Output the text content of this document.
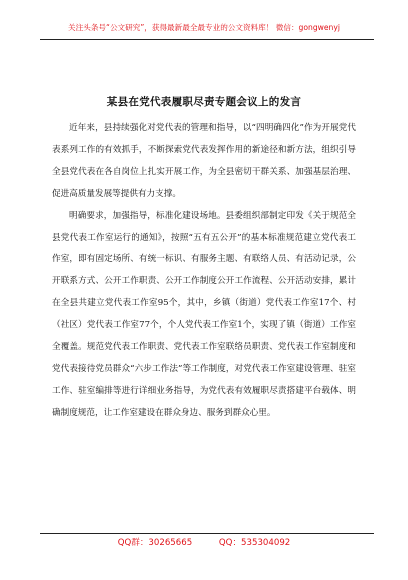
关注头条号“公文研究”，获得最新最全最专业的公文资料库！ 微信：gongwenyj
某县在党代表履职尽责专题会议上的发言

近年来，县持续强化对党代表的管理和指导，以“四明确四化”作为开展党代表系列工作的有效抓手，不断探索党代表发挥作用的新途径和新方法，组织引导全县党代表在各自岗位上扎实开展工作，为全县密切干群关系、加强基层治理、促进高质量发展等提供有力支撑。

明确要求，加强指导，标准化建设场地。县委组织部制定印发《关于规范全县党代表工作室运行的通知》，按照“五有五公开”的基本标准规范建立党代表工作室，即有固定场所、有统一标识、有服务主题、有联络人员、有活动记录，公开联系方式、公开工作职责、公开工作制度公开工作流程、公开活动安排，累计在全县共建立党代表工作室95个，其中，乡镇（街道）党代表工作室17个、村（社区）党代表工作室77个，个人党代表工作室1个，实现了镇（街道）工作室全覆盖。规范党代表工作职责、党代表工作室联络员职责、党代表工作室制度和党代表接待党员群众“六步工作法”等工作制度，对党代表工作室建设管理、驻室工作、驻室编排等进行详细业务指导，为党代表有效履职尽责搭建平台载体、明确制度规范，让工作室建设在群众身边、服务到群众心里。

QQ群：30265665	QQ：535304092
